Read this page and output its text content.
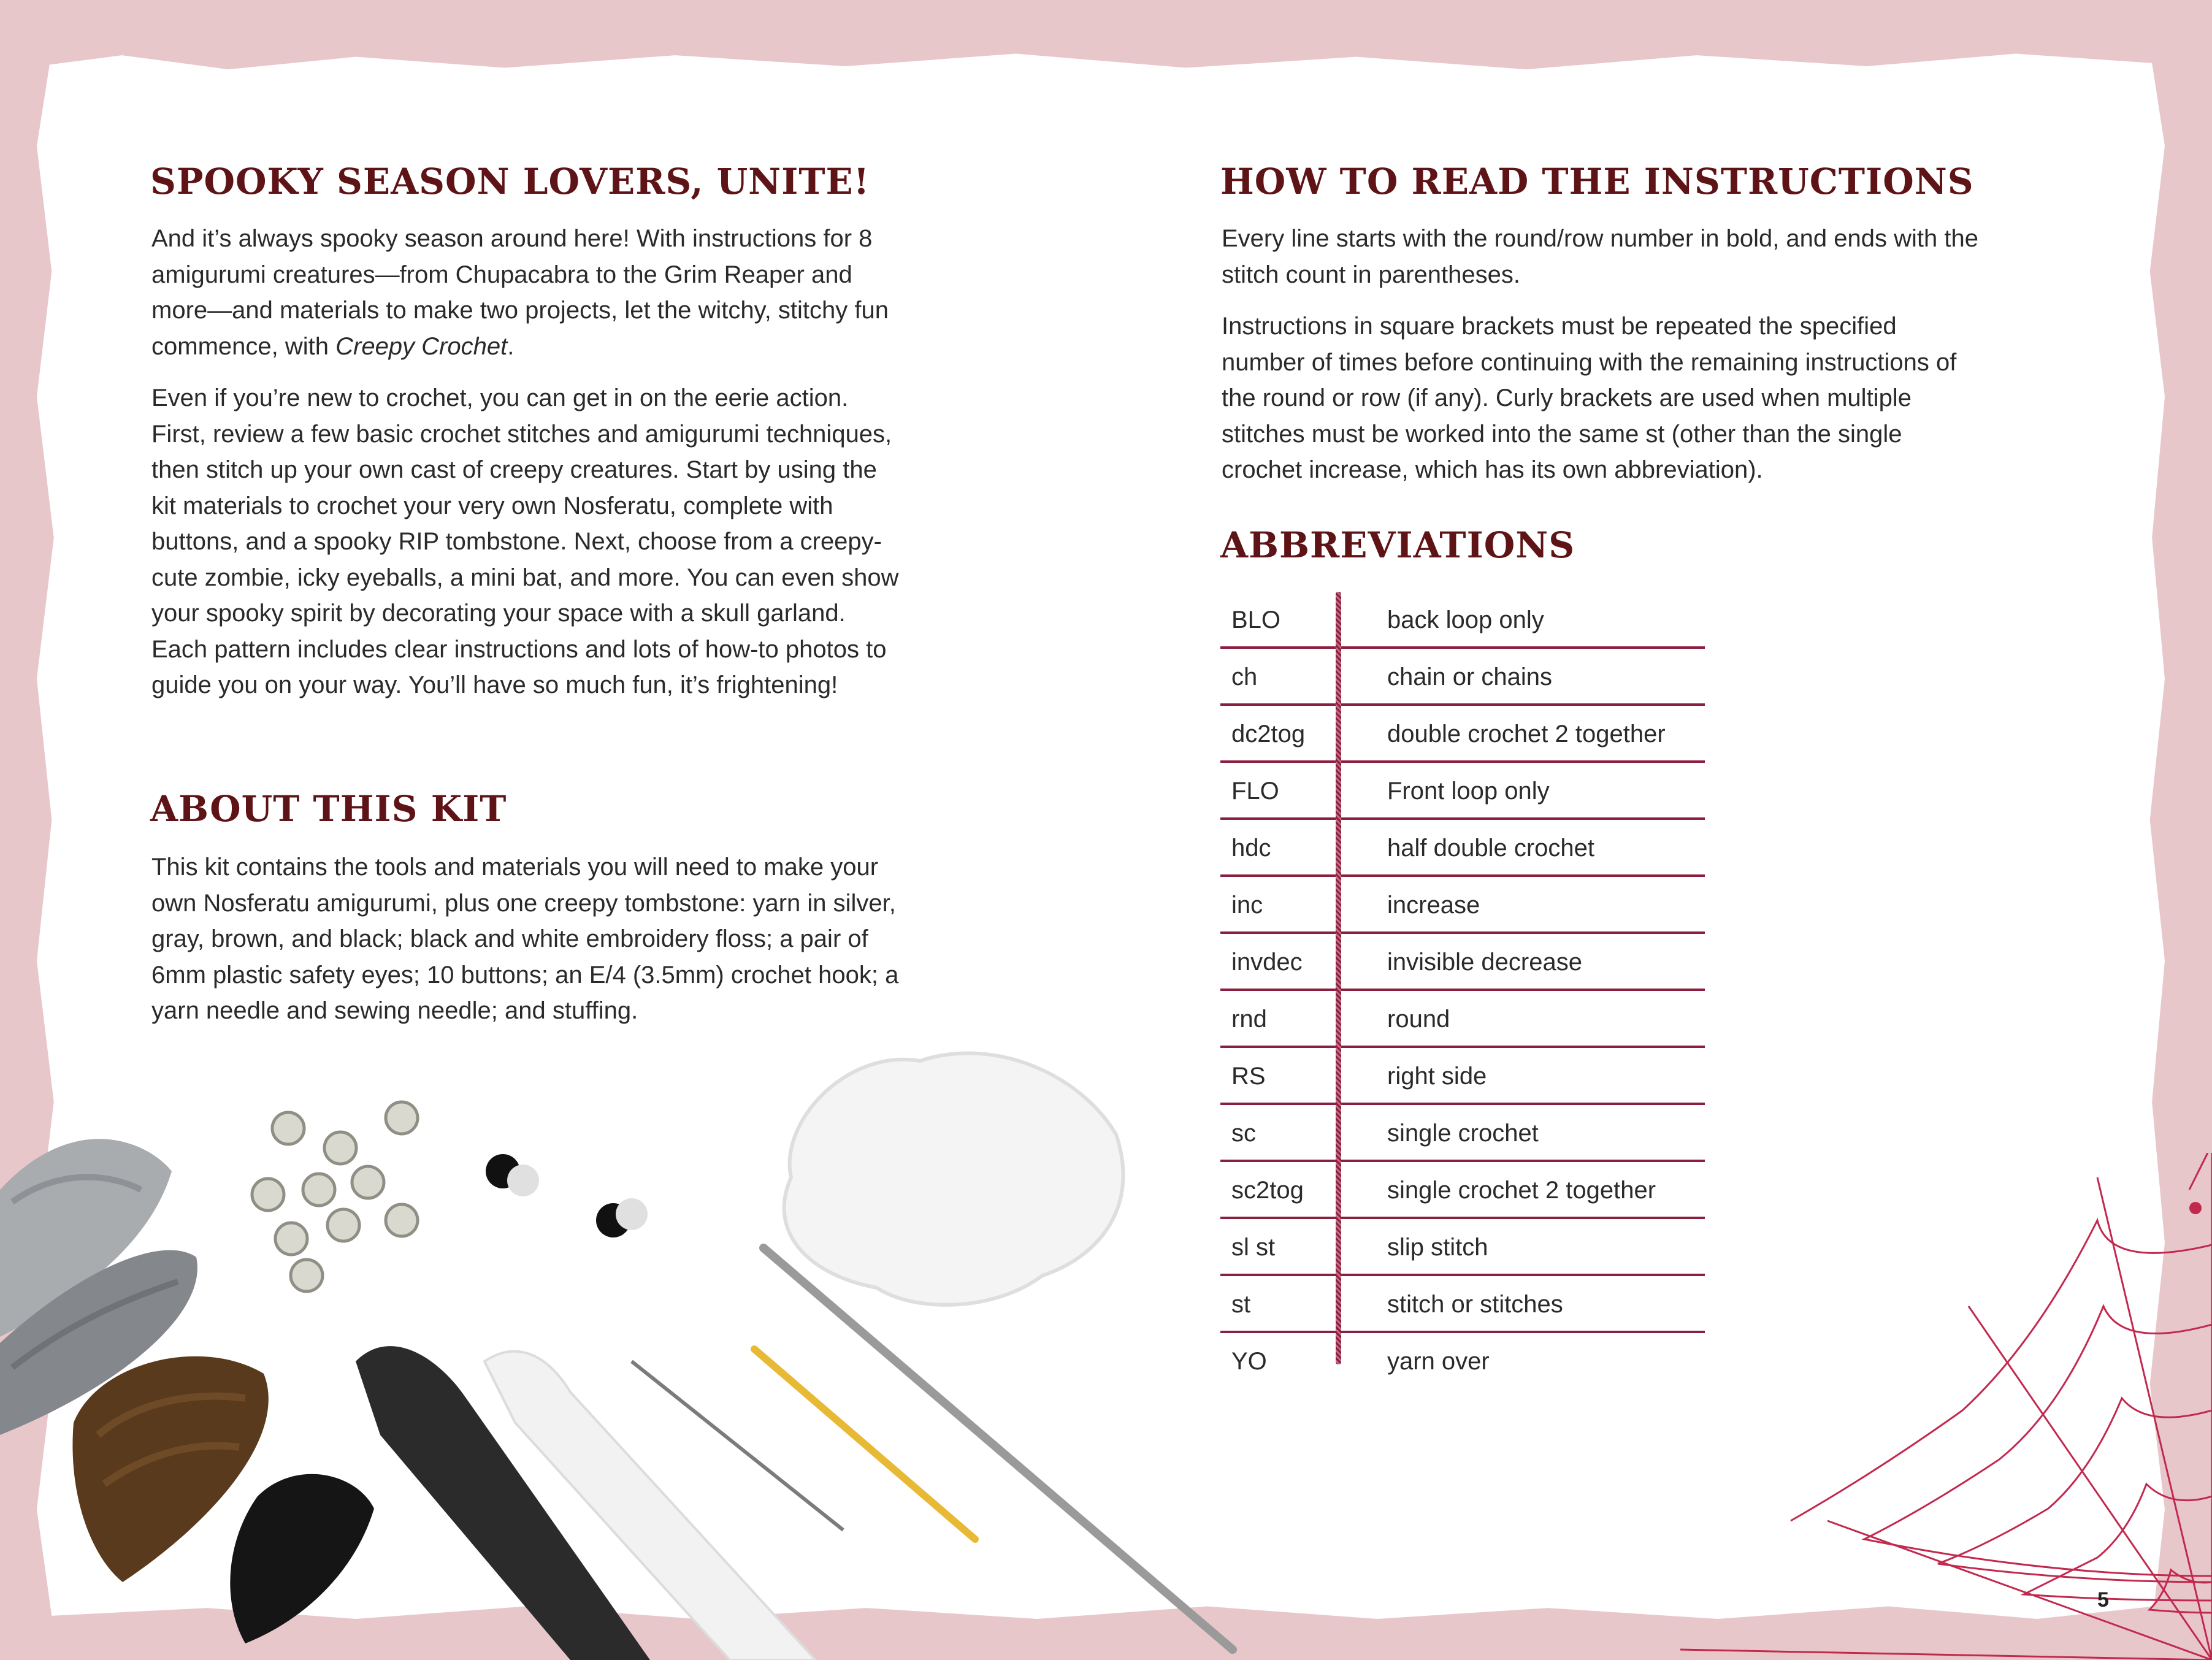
SPOOKY SEASON LOVERS, UNITE!

And it’s always spooky season around here! With instructions for 8 amigurumi creatures—from Chupacabra to the Grim Reaper and more—and materials to make two projects, let the witchy, stitchy fun commence, with Creepy Crochet.

Even if you’re new to crochet, you can get in on the eerie action. First, review a few basic crochet stitches and amigurumi techniques, then stitch up your own cast of creepy creatures. Start by using the kit materials to crochet your very own Nosferatu, complete with buttons, and a spooky RIP tombstone. Next, choose from a creepy-cute zombie, icky eyeballs, a mini bat, and more. You can even show your spooky spirit by decorating your space with a skull garland. Each pattern includes clear instructions and lots of how-to photos to guide you on your way. You’ll have so much fun, it’s frightening!

ABOUT THIS KIT

This kit contains the tools and materials you will need to make your own Nosferatu amigurumi, plus one creepy tombstone: yarn in silver, gray, brown, and black; black and white embroidery floss; a pair of 6mm plastic safety eyes; 10 buttons; an E/4 (3.5mm) crochet hook; a yarn needle and sewing needle; and stuffing.

HOW TO READ THE INSTRUCTIONS

Every line starts with the round/row number in bold, and ends with the stitch count in parentheses.

Instructions in square brackets must be repeated the specified number of times before continuing with the remaining instructions of the round or row (if any). Curly brackets are used when multiple stitches must be worked into the same st (other than the single crochet increase, which has its own abbreviation).

ABBREVIATIONS
BLO	back loop only
ch	chain or chains
dc2tog	double crochet 2 together
FLO	Front loop only
hdc	half double crochet
inc	increase
invdec	invisible decrease
rnd	round
RS	right side
sc	single crochet
sc2tog	single crochet 2 together
sl st	slip stitch
st	stitch or stitches
YO	yarn over
5
